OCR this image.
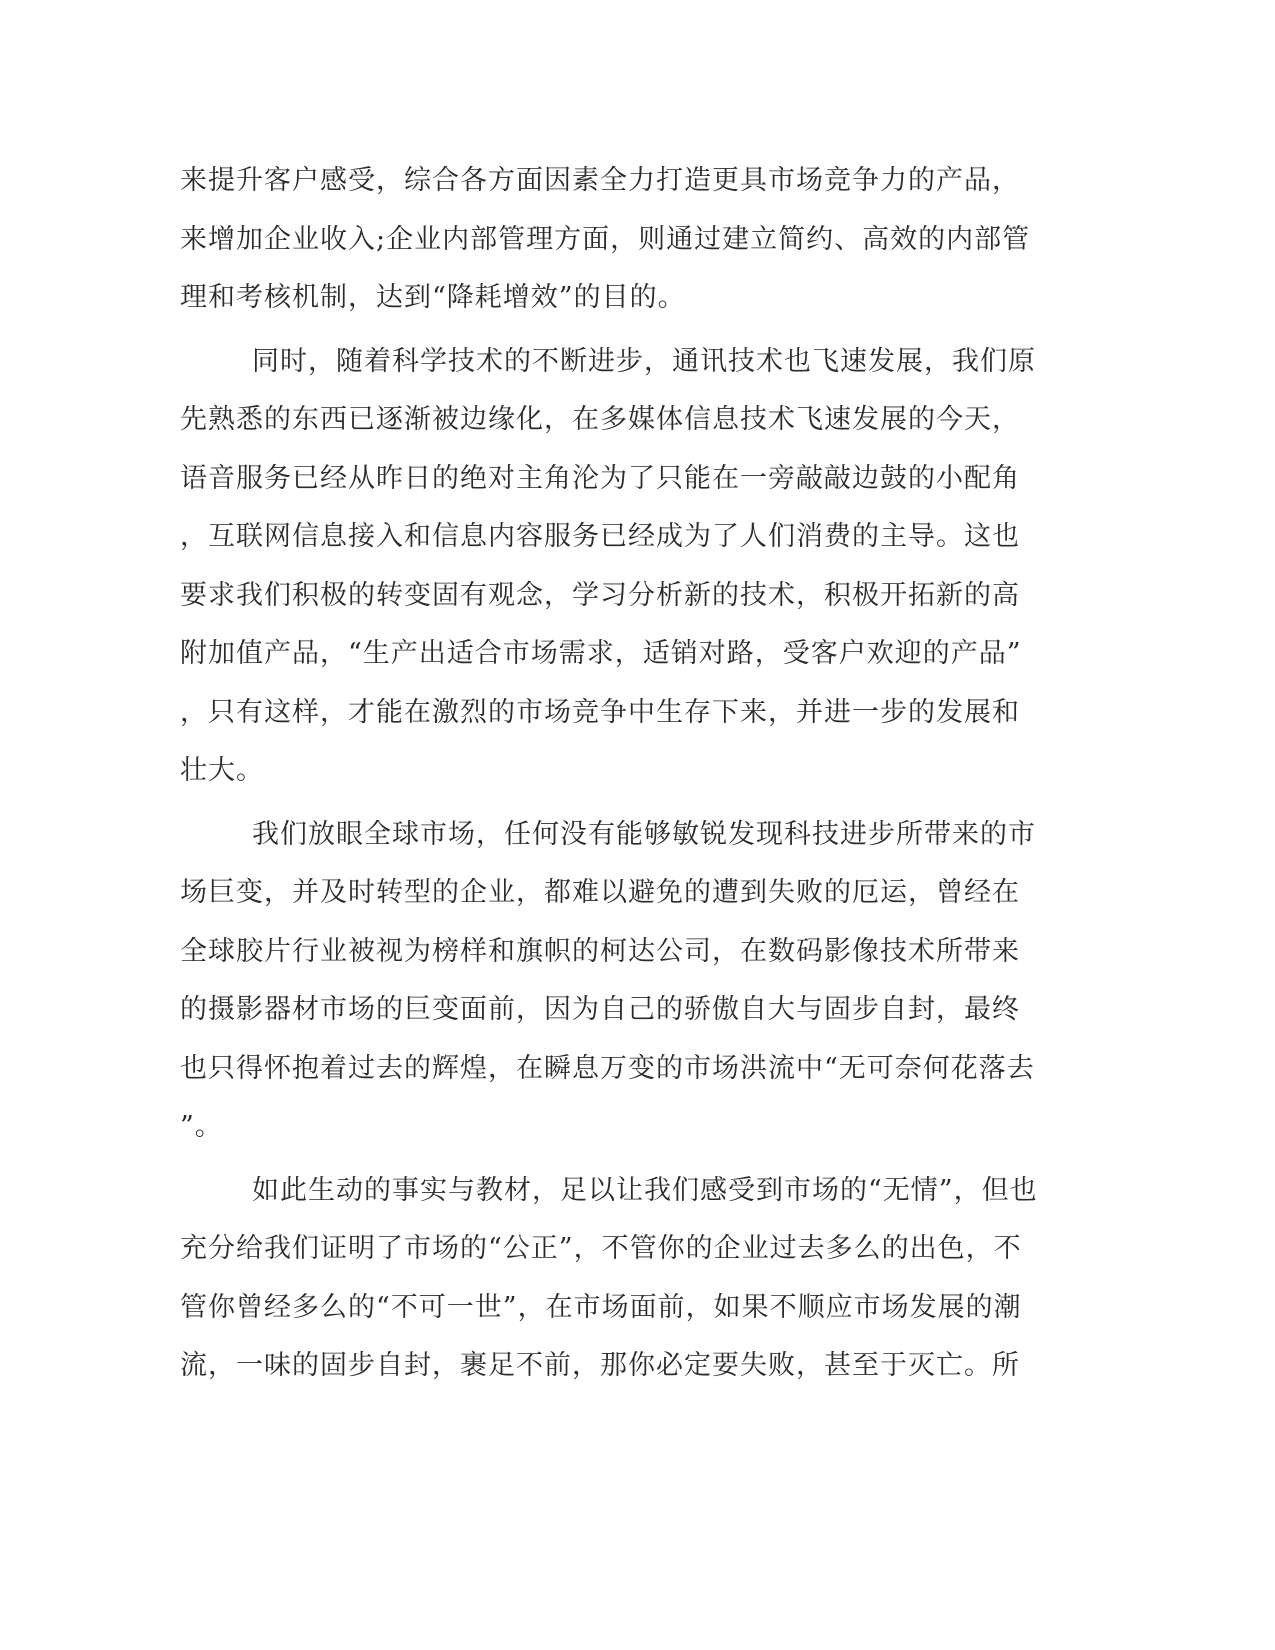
来提升客户感受，综合各方面因素全力打造更具市场竞争力的产品，
来增加企业收入;企业内部管理方面，则通过建立简约、高效的内部管
理和考核机制，达到“降耗增效”的目的。
同时，随着科学技术的不断进步，通讯技术也飞速发展，我们原
先熟悉的东西已逐渐被边缘化，在多媒体信息技术飞速发展的今天，
语音服务已经从昨日的绝对主角沦为了只能在一旁敲敲边鼓的小配角
，互联网信息接入和信息内容服务已经成为了人们消费的主导。这也
要求我们积极的转变固有观念，学习分析新的技术，积极开拓新的高
附加值产品，“生产出适合市场需求，适销对路，受客户欢迎的产品”
，只有这样，才能在激烈的市场竞争中生存下来，并进一步的发展和
壮大。
我们放眼全球市场，任何没有能够敏锐发现科技进步所带来的市
场巨变，并及时转型的企业，都难以避免的遭到失败的厄运，曾经在
全球胶片行业被视为榜样和旗帜的柯达公司，在数码影像技术所带来
的摄影器材市场的巨变面前，因为自己的骄傲自大与固步自封，最终
也只得怀抱着过去的辉煌，在瞬息万变的市场洪流中“无可奈何花落去
”。
如此生动的事实与教材，足以让我们感受到市场的“无情”，但也
充分给我们证明了市场的“公正”，不管你的企业过去多么的出色，不
管你曾经多么的“不可一世”，在市场面前，如果不顺应市场发展的潮
流，一味的固步自封，裹足不前，那你必定要失败，甚至于灭亡。所
